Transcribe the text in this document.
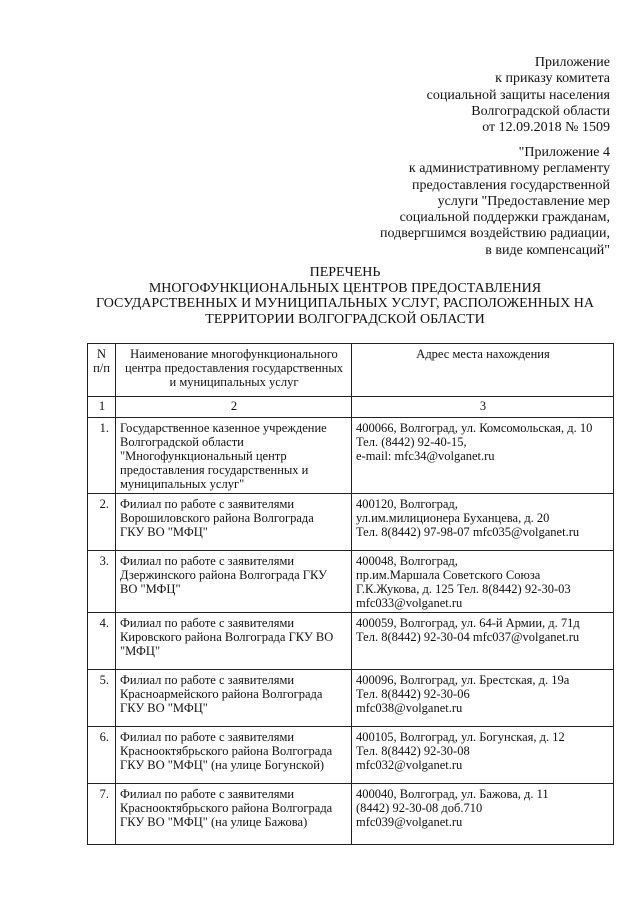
Приложение
к приказу комитета
социальной защиты населения
Волгоградской области
от 12.09.2018 № 1509
"Приложение 4
к административному регламенту
предоставления государственной
услуги "Предоставление мер
социальной поддержки гражданам,
подвергшимся воздействию радиации,
в виде компенсаций"
ПЕРЕЧЕНЬ
МНОГОФУНКЦИОНАЛЬНЫХ ЦЕНТРОВ ПРЕДОСТАВЛЕНИЯ
ГОСУДАРСТВЕННЫХ И МУНИЦИПАЛЬНЫХ УСЛУГ, РАСПОЛОЖЕННЫХ НА
ТЕРРИТОРИИ ВОЛГОГРАДСКОЙ ОБЛАСТИ
N
п/п	Наименование многофункционального
центра предоставления государственных
и муниципальных услуг	Адрес места нахождения

1	2	3
1.	Государственное казенное учреждение
Волгоградской области
"Многофункциональный центр
предоставления государственных и
муниципальных услуг"	400066, Волгоград, ул. Комсомольская, д. 10
Тел. (8442) 92-40-15,
e-mail: mfc34@volganet.ru

2.	Филиал по работе с заявителями
Ворошиловского района Волгограда
ГКУ ВО "МФЦ"	400120, Волгоград,
ул.им.милиционера Буханцева, д. 20
Тел. 8(8442) 97-98-07 mfc035@volganet.ru

3.	Филиал по работе с заявителями
Дзержинского района Волгограда ГКУ
ВО "МФЦ"	400048, Волгоград,
пр.им.Маршала Советского Союза
Г.К.Жукова, д. 125 Тел. 8(8442) 92-30-03
mfc033@volganet.ru

4.	Филиал по работе с заявителями
Кировского района Волгограда ГКУ ВО
"МФЦ"	400059, Волгоград, ул. 64-й Армии, д. 71д
Тел. 8(8442) 92-30-04 mfc037@volganet.ru

5.	Филиал по работе с заявителями
Красноармейского района Волгограда
ГКУ ВО "МФЦ"	400096, Волгоград, ул. Брестская, д. 19а
Тел. 8(8442) 92-30-06
mfc038@volganet.ru

6.	Филиал по работе с заявителями
Краснооктябрьского района Волгограда
ГКУ ВО "МФЦ" (на улице Богунской)	400105, Волгоград, ул. Богунская, д. 12
Тел. 8(8442) 92-30-08
mfc032@volganet.ru

7.	Филиал по работе с заявителями
Краснооктябрьского района Волгограда
ГКУ ВО "МФЦ" (на улице Бажова)	400040, Волгоград, ул. Бажова, д. 11
(8442) 92-30-08 доб.710
mfc039@volganet.ru
